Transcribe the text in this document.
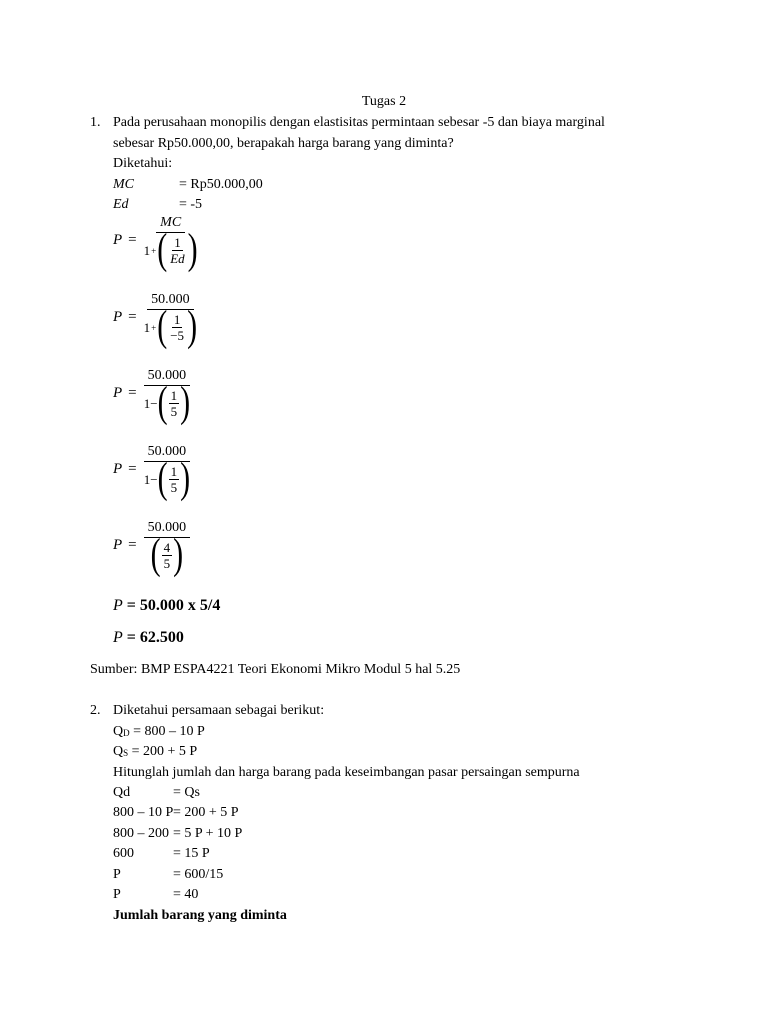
Tugas 2
1. Pada perusahaan monopilis dengan elastisitas permintaan sebesar -5 dan biaya marginal
sebesar Rp50.000,00, berapakah harga barang yang diminta?
Diketahui:
MC	= Rp50.000,00
Ed	= -5
$P = \frac{MC}{1 + ( \frac{1}{Ed} )}$
$P = \frac{50.000}{1 + ( \frac{1}{-5} )}$
$P = \frac{50.000}{1 - ( \frac{1}{5} )}$
$P = \frac{50.000}{1 - ( \frac{1}{5} )}$
$P = \frac{50.000}{( \frac{4}{5} )}$
P = 50.000 x 5/4
P = 62.500
Sumber: BMP ESPA4221 Teori Ekonomi Mikro Modul 5 hal 5.25
2. Diketahui persamaan sebagai berikut:
$Q_D = 800 - 10$ P
$Q_S = 200 + 5$ P
Hitunglah jumlah dan harga barang pada keseimbangan pasar persaingan sempurna
Qd	= Qs
800 – 10 P= 200 + 5 P
800 – 200 = 5 P + 10 P
600	= 15 P
P	= 600/15
P	= 40
Jumlah barang yang diminta
